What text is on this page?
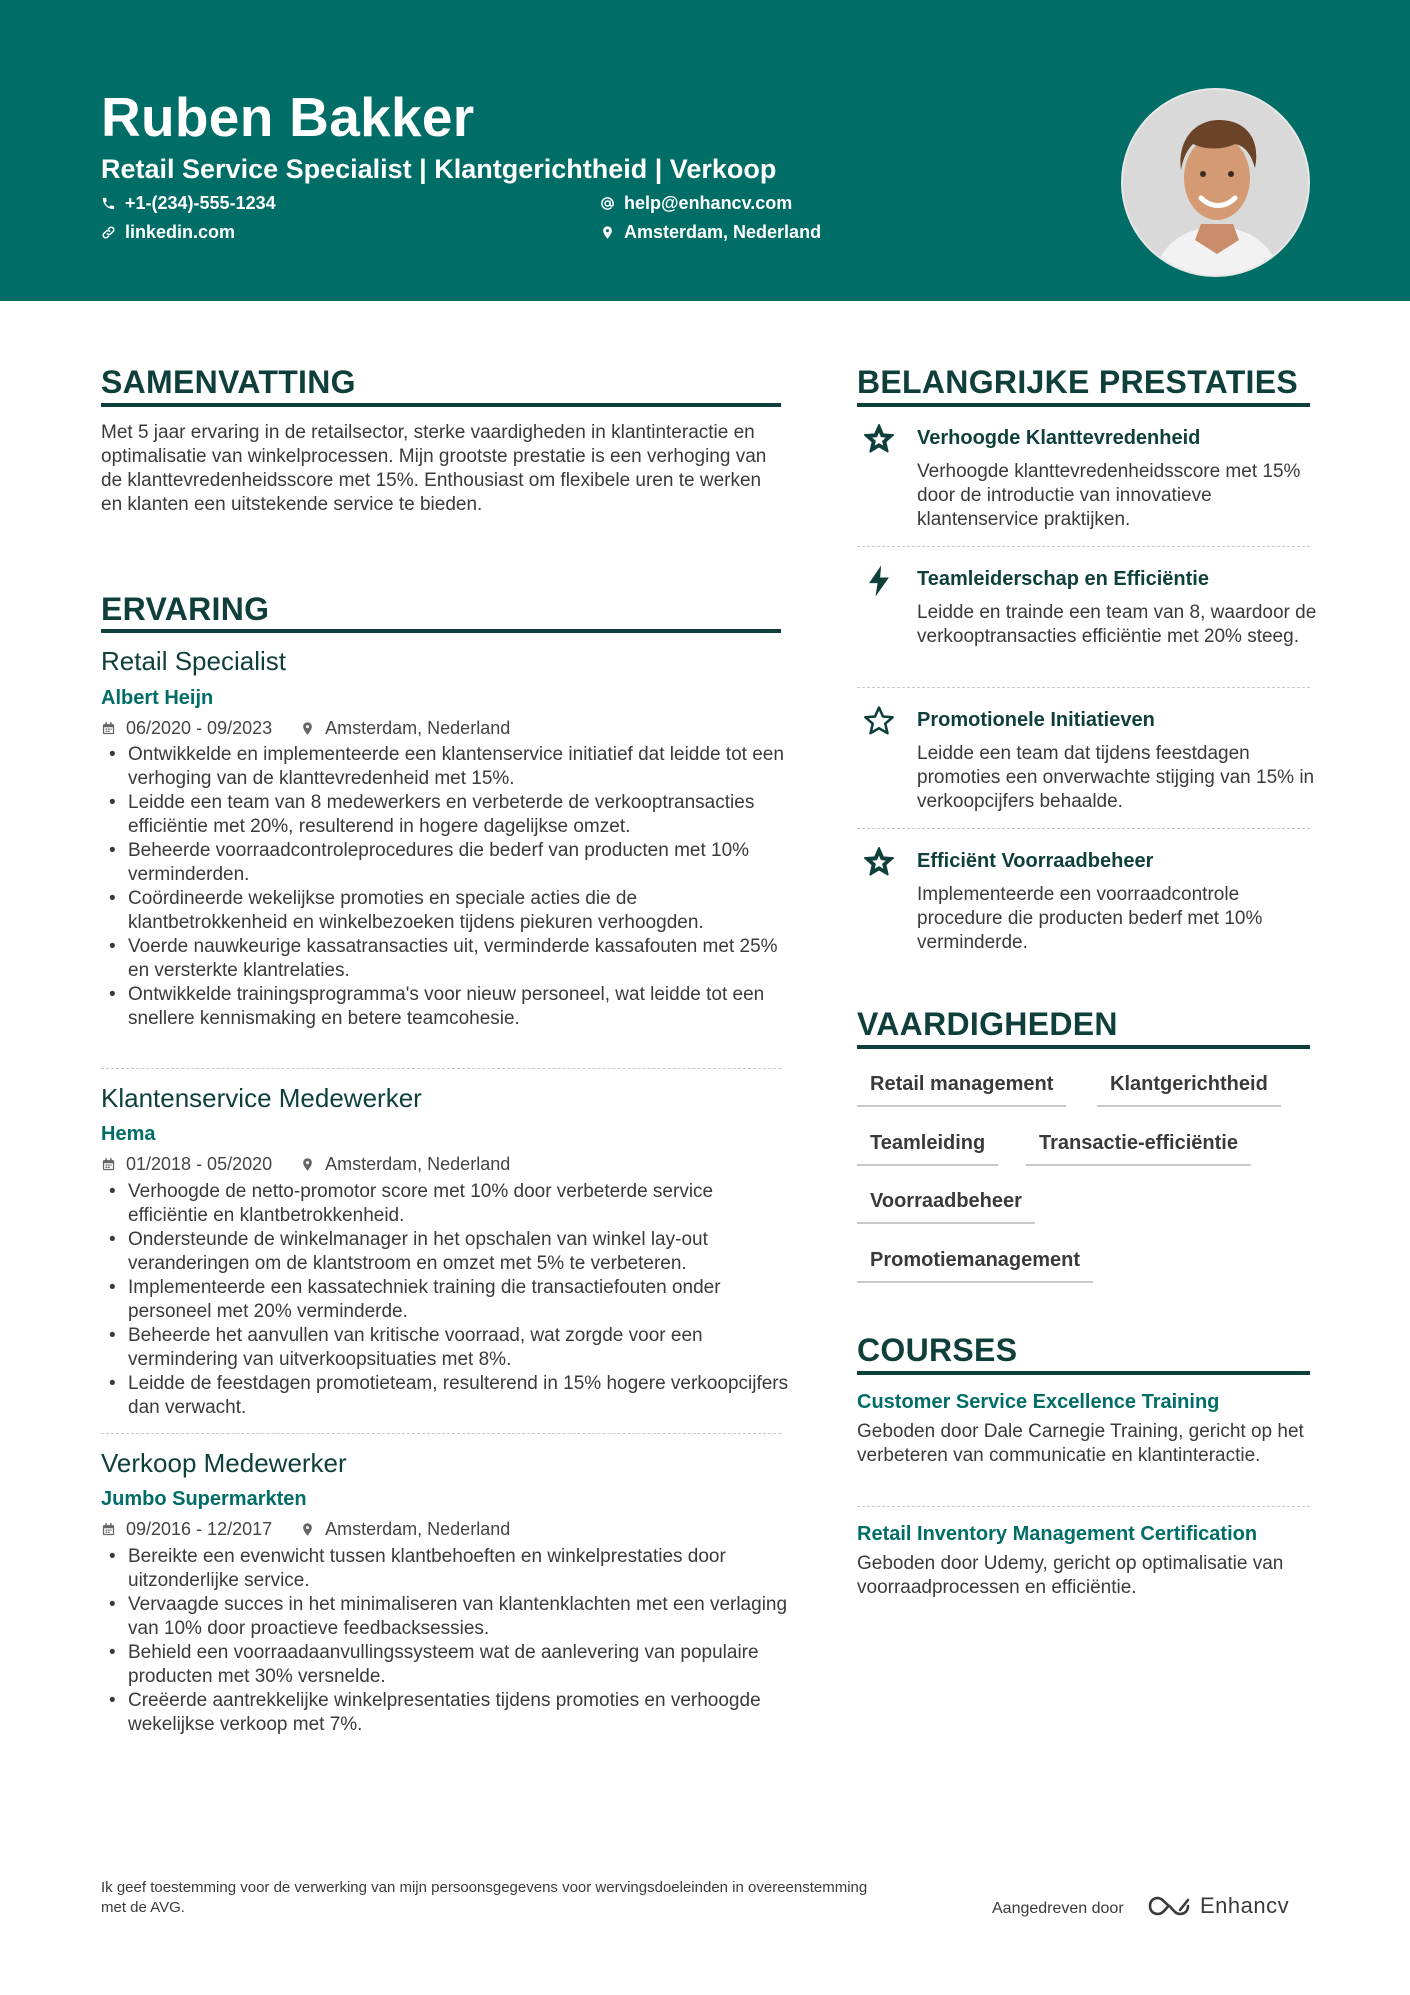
Ruben Bakker
Retail Service Specialist | Klantgerichtheid | Verkoop
+1-(234)-555-1234	help@enhancv.com
linkedin.com	Amsterdam, Nederland
SAMENVATTING
Met 5 jaar ervaring in de retailsector, sterke vaardigheden in klantinteractie en optimalisatie van winkelprocessen. Mijn grootste prestatie is een verhoging van de klanttevredenheidsscore met 15%. Enthousiast om flexibele uren te werken en klanten een uitstekende service te bieden.
ERVARING
Retail Specialist
Albert Heijn
06/2020 - 09/2023	Amsterdam, Nederland
• Ontwikkelde en implementeerde een klantenservice initiatief dat leidde tot een verhoging van de klanttevredenheid met 15%.
• Leidde een team van 8 medewerkers en verbeterde de verkooptransacties efficiëntie met 20%, resulterend in hogere dagelijkse omzet.
• Beheerde voorraadcontroleprocedures die bederf van producten met 10% verminderden.
• Coördineerde wekelijkse promoties en speciale acties die de klantbetrokkenheid en winkelbezoeken tijdens piekuren verhoogden.
• Voerde nauwkeurige kassatransacties uit, verminderde kassafouten met 25% en versterkte klantrelaties.
• Ontwikkelde trainingsprogramma's voor nieuw personeel, wat leidde tot een snellere kennismaking en betere teamcohesie.
Klantenservice Medewerker
Hema
01/2018 - 05/2020	Amsterdam, Nederland
• Verhoogde de netto-promotor score met 10% door verbeterde service efficiëntie en klantbetrokkenheid.
• Ondersteunde de winkelmanager in het opschalen van winkel lay-out veranderingen om de klantstroom en omzet met 5% te verbeteren.
• Implementeerde een kassatechniek training die transactiefouten onder personeel met 20% verminderde.
• Beheerde het aanvullen van kritische voorraad, wat zorgde voor een vermindering van uitverkoopsituaties met 8%.
• Leidde de feestdagen promotieteam, resulterend in 15% hogere verkoopcijfers dan verwacht.
Verkoop Medewerker
Jumbo Supermarkten
09/2016 - 12/2017	Amsterdam, Nederland
• Bereikte een evenwicht tussen klantbehoeften en winkelprestaties door uitzonderlijke service.
• Vervaagde succes in het minimaliseren van klantenklachten met een verlaging van 10% door proactieve feedbacksessies.
• Behield een voorraadaanvullingssysteem wat de aanlevering van populaire producten met 30% versnelde.
• Creëerde aantrekkelijke winkelpresentaties tijdens promoties en verhoogde wekelijkse verkoop met 7%.
BELANGRIJKE PRESTATIES
Verhoogde Klanttevredenheid
Verhoogde klanttevredenheidsscore met 15% door de introductie van innovatieve klantenservice praktijken.
Teamleiderschap en Efficiëntie
Leidde en trainde een team van 8, waardoor de verkooptransacties efficiëntie met 20% steeg.
Promotionele Initiatieven
Leidde een team dat tijdens feestdagen promoties een onverwachte stijging van 15% in verkoopcijfers behaalde.
Efficiënt Voorraadbeheer
Implementeerde een voorraadcontrole procedure die producten bederf met 10% verminderde.
VAARDIGHEDEN
Retail management	Klantgerichtheid
Teamleiding	Transactie-efficiëntie
Voorraadbeheer
Promotiemanagement
COURSES
Customer Service Excellence Training
Geboden door Dale Carnegie Training, gericht op het verbeteren van communicatie en klantinteractie.
Retail Inventory Management Certification
Geboden door Udemy, gericht op optimalisatie van voorraadprocessen en efficiëntie.
Ik geef toestemming voor de verwerking van mijn persoonsgegevens voor wervingsdoeleinden in overeenstemming met de AVG.	Aangedreven door	Enhancv
